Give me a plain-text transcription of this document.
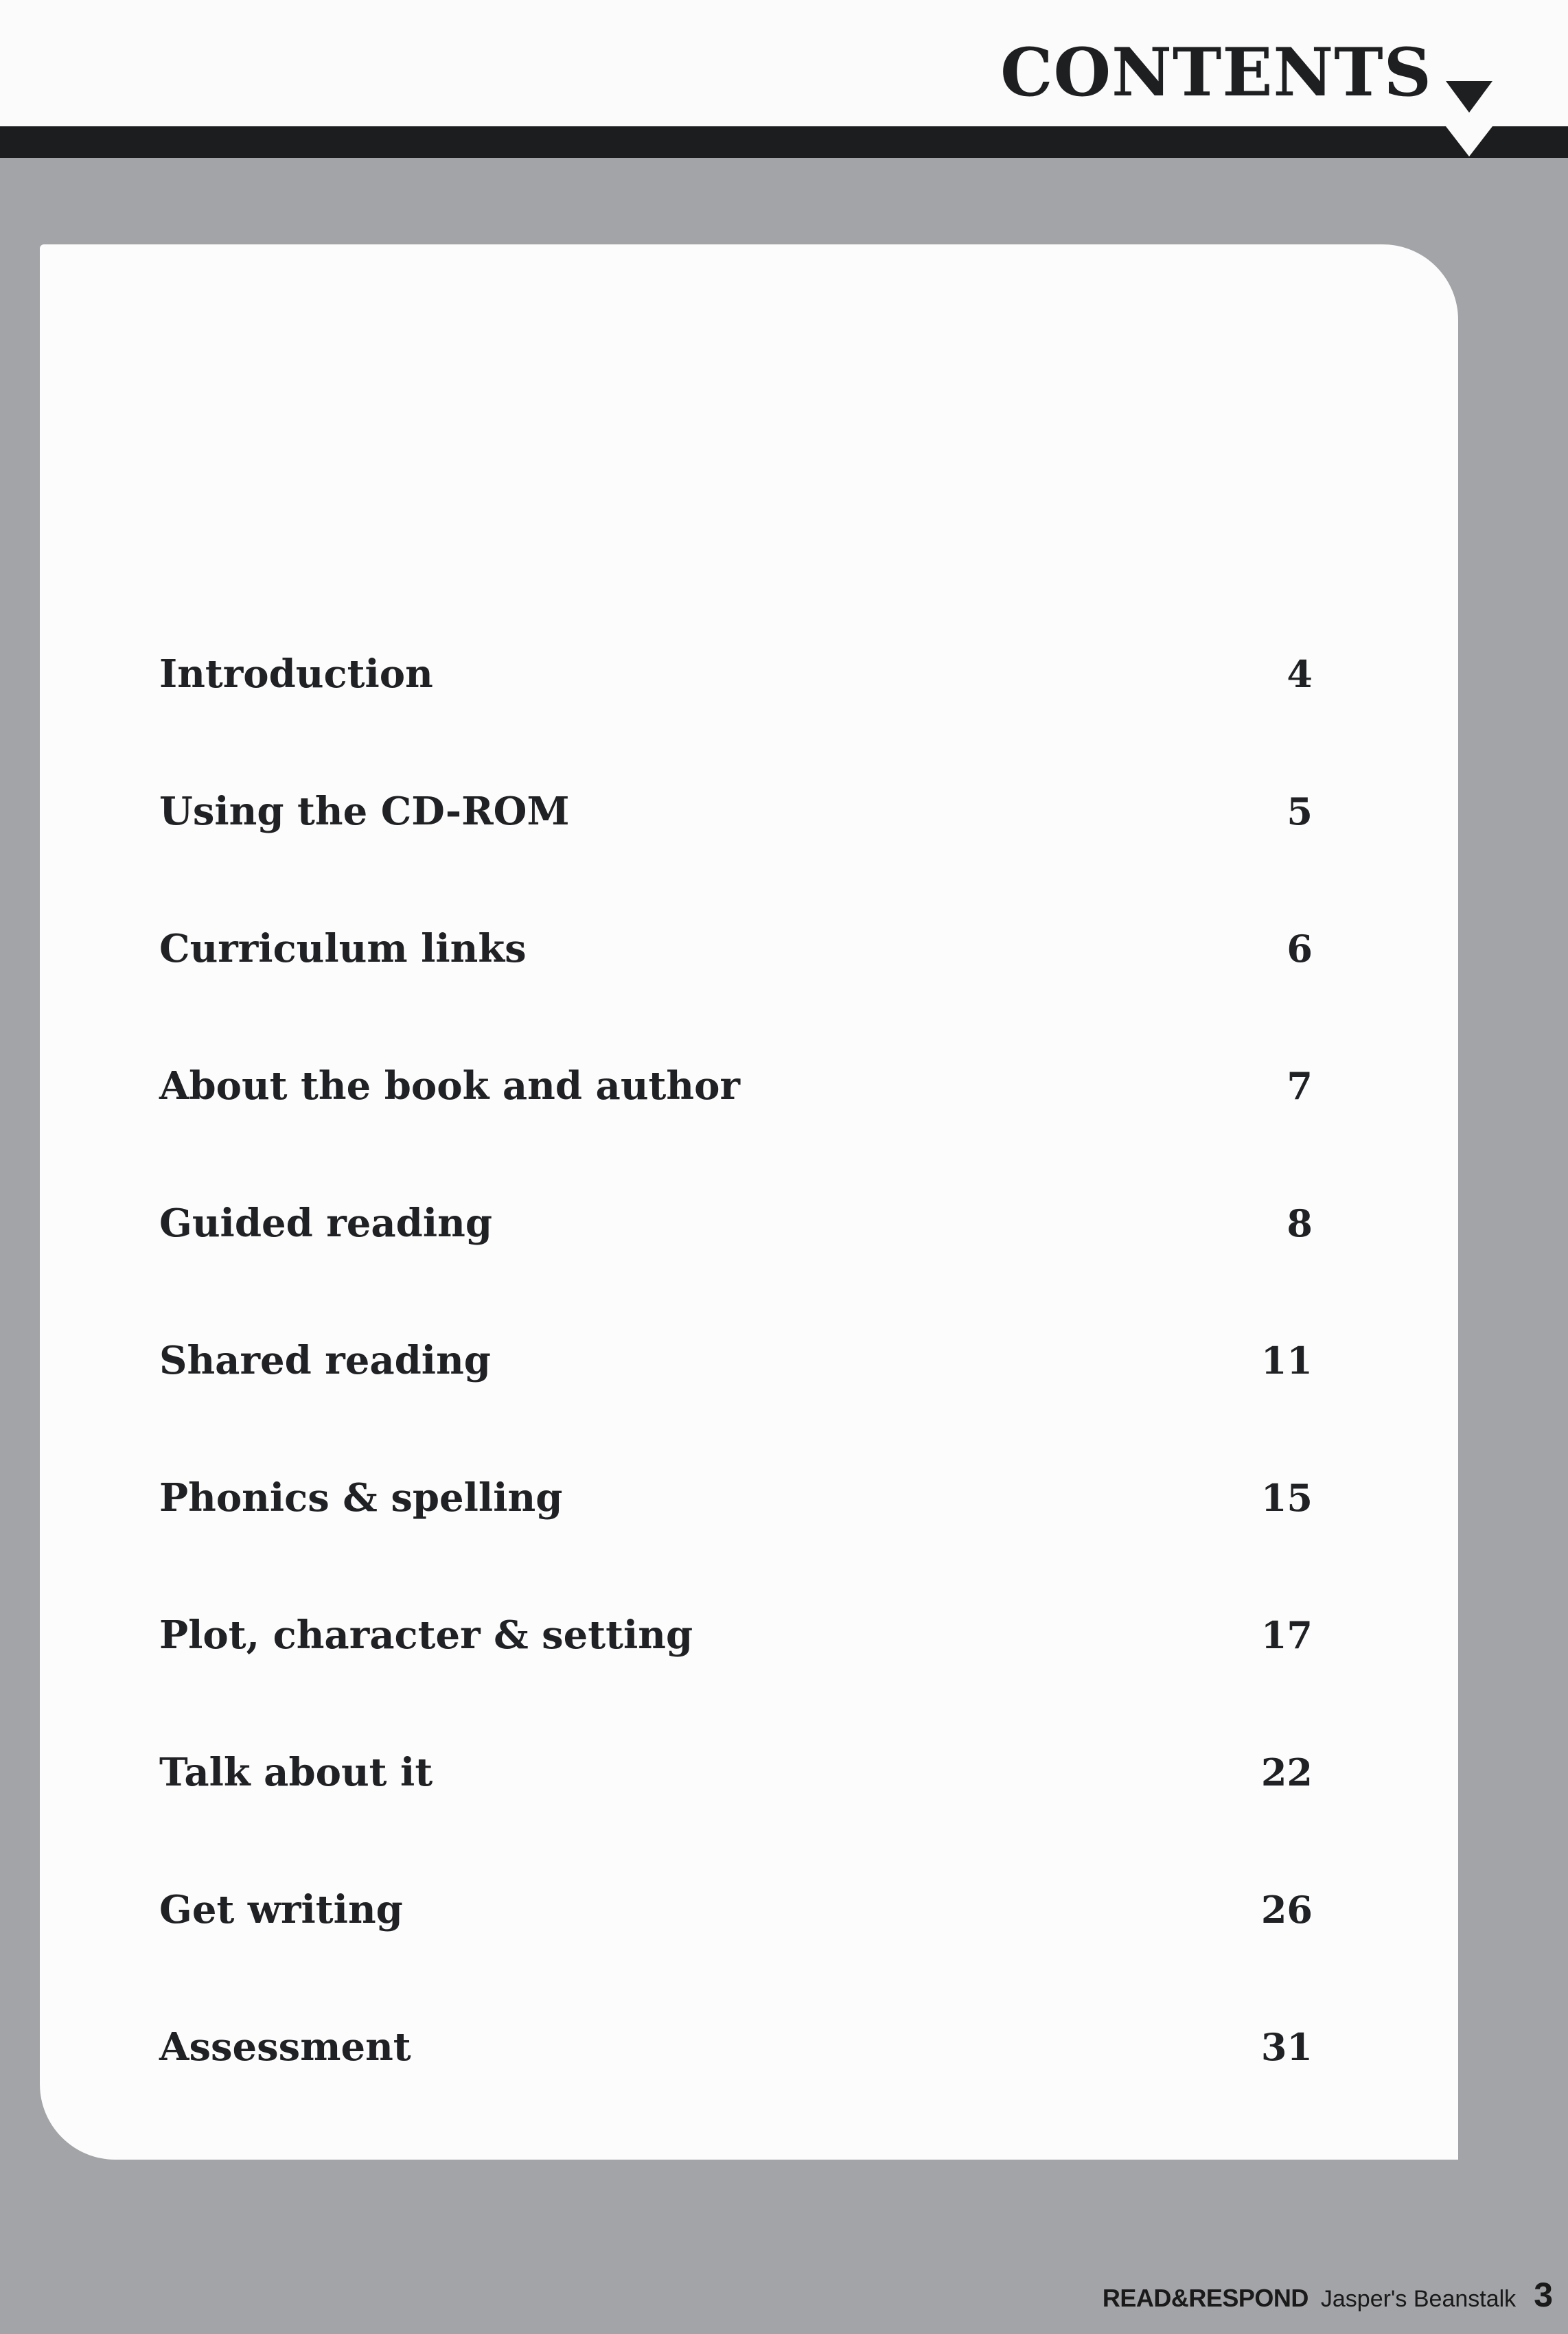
CONTENTS
Introduction	4
Using the CD-ROM	5
Curriculum links	6
About the book and author	7
Guided reading	8
Shared reading	11
Phonics & spelling	15
Plot, character & setting	17
Talk about it	22
Get writing	26
Assessment	31
READ&RESPOND Jasper's Beanstalk 3
